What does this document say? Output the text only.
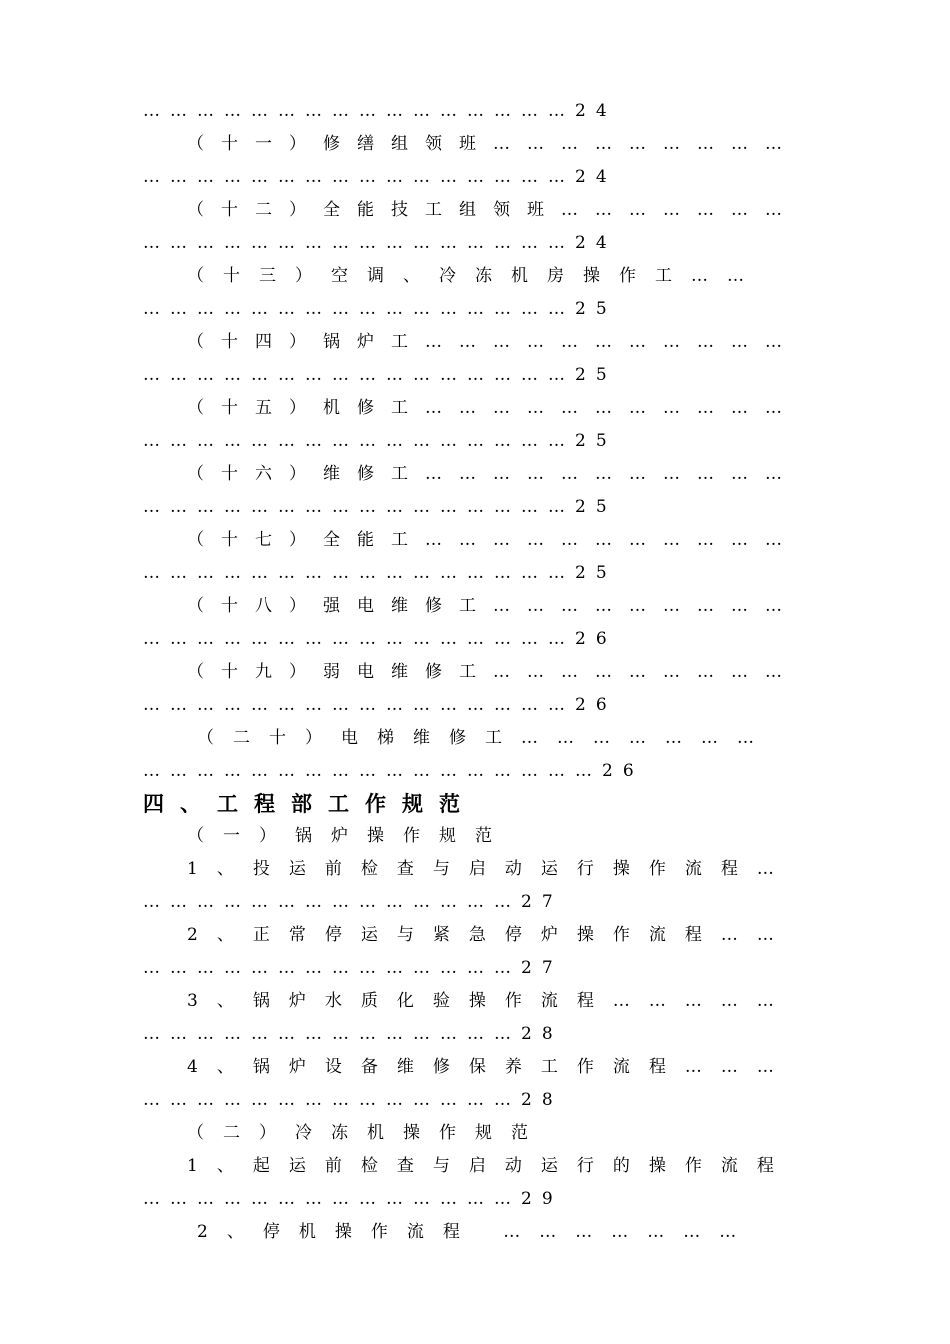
…………………………………………24
（十一）修缮组领班………………………
…………………………………………24
（十二）全能技工组领班…………………
…………………………………………24
（十三）空调、冷冻机房操作工……
…………………………………………25
（十四）锅炉工……………………………
…………………………………………25
（十五）机修工……………………………
…………………………………………25
（十六）维修工……………………………
…………………………………………25
（十七）全能工……………………………
…………………………………………25
（十八）强电维修工………………………
…………………………………………26
（十九）弱电维修工………………………
…………………………………………26
（二十）电梯维修工…………………
……………………………………………26
四、工程部工作规范
（一）锅炉操作规范
1、投运前检查与启动运行操作流程…
……………………………………27
2、正常停运与紧急停炉操作流程……
……………………………………27
3、锅炉水质化验操作流程……………
……………………………………28
4、锅炉设备维修保养工作流程………
……………………………………28
（二）冷冻机操作规范
1、起运前检查与启动运行的操作流程
……………………………………29
2、停机操作流程 …………………
